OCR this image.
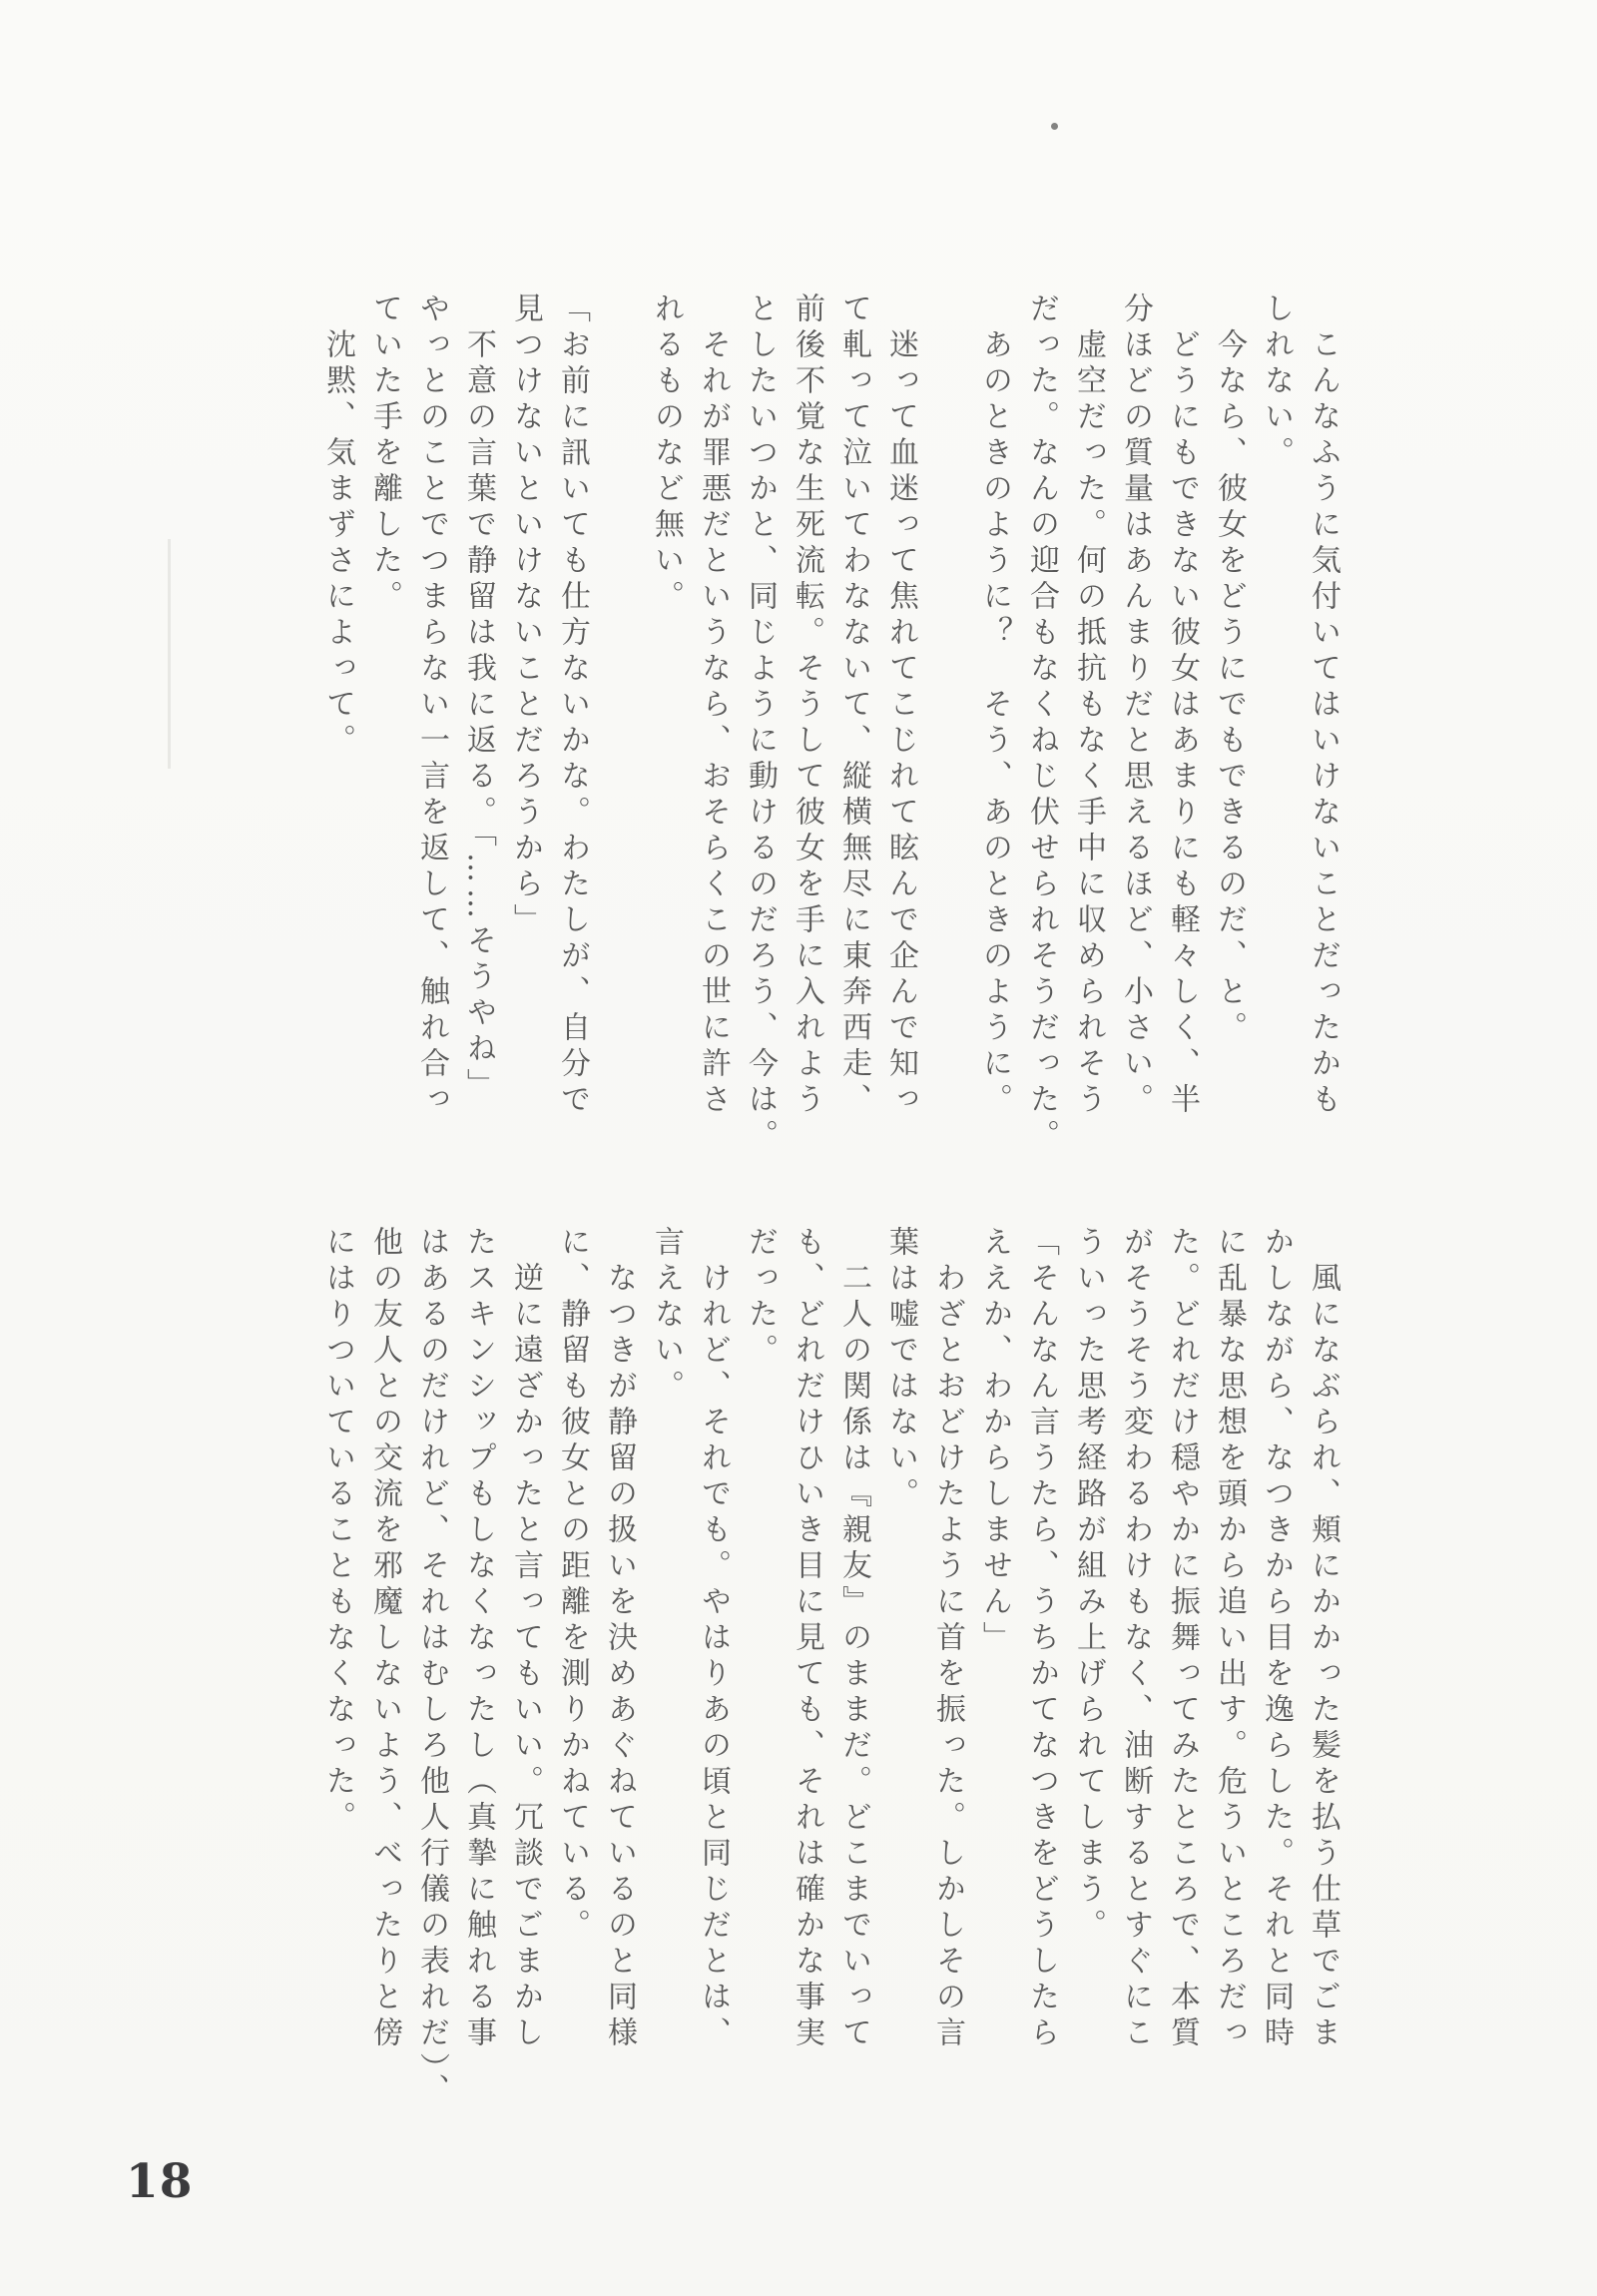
　こんなふうに気付いてはいけないことだったかも
しれない。
　今なら、彼女をどうにでもできるのだ、と。
　どうにもできない彼女はあまりにも軽々しく、半
分ほどの質量はあんまりだと思えるほど、小さい。
　虚空だった。何の抵抗もなく手中に収められそう
だった。なんの迎合もなくねじ伏せられそうだった。
　あのときのように？　そう、あのときのように。
　迷って血迷って焦れてこじれて眩んで企んで知っ
て軋って泣いてわなないて、縦横無尽に東奔西走、
前後不覚な生死流転。そうして彼女を手に入れよう
としたいつかと、同じように動けるのだろう、今は。
　それが罪悪だというなら、おそらくこの世に許さ
れるものなど無い。
「お前に訊いても仕方ないかな。わたしが、自分で
見つけないといけないことだろうから」
　不意の言葉で静留は我に返る。「……そうやね」
やっとのことでつまらない一言を返して、触れ合っ
ていた手を離した。
　沈黙、気まずさによって。
　風になぶられ、頬にかかった髪を払う仕草でごま
かしながら、なつきから目を逸らした。それと同時
に乱暴な思想を頭から追い出す。危ういところだっ
た。どれだけ穏やかに振舞ってみたところで、本質
がそうそう変わるわけもなく、油断するとすぐにこ
ういった思考経路が組み上げられてしまう。
「そんなん言うたら、うちかてなつきをどうしたら
ええか、わからしません」
　わざとおどけたように首を振った。しかしその言
葉は嘘ではない。
　二人の関係は『親友』のままだ。どこまでいって
も、どれだけひいき目に見ても、それは確かな事実
だった。
　けれど、それでも。やはりあの頃と同じだとは、
言えない。
　なつきが静留の扱いを決めあぐねているのと同様
に、静留も彼女との距離を測りかねている。
　逆に遠ざかったと言ってもいい。冗談でごまかし
たスキンシップもしなくなったし（真摯に触れる事
はあるのだけれど、それはむしろ他人行儀の表れだ）、
他の友人との交流を邪魔しないよう、べったりと傍
にはりついていることもなくなった。
18
